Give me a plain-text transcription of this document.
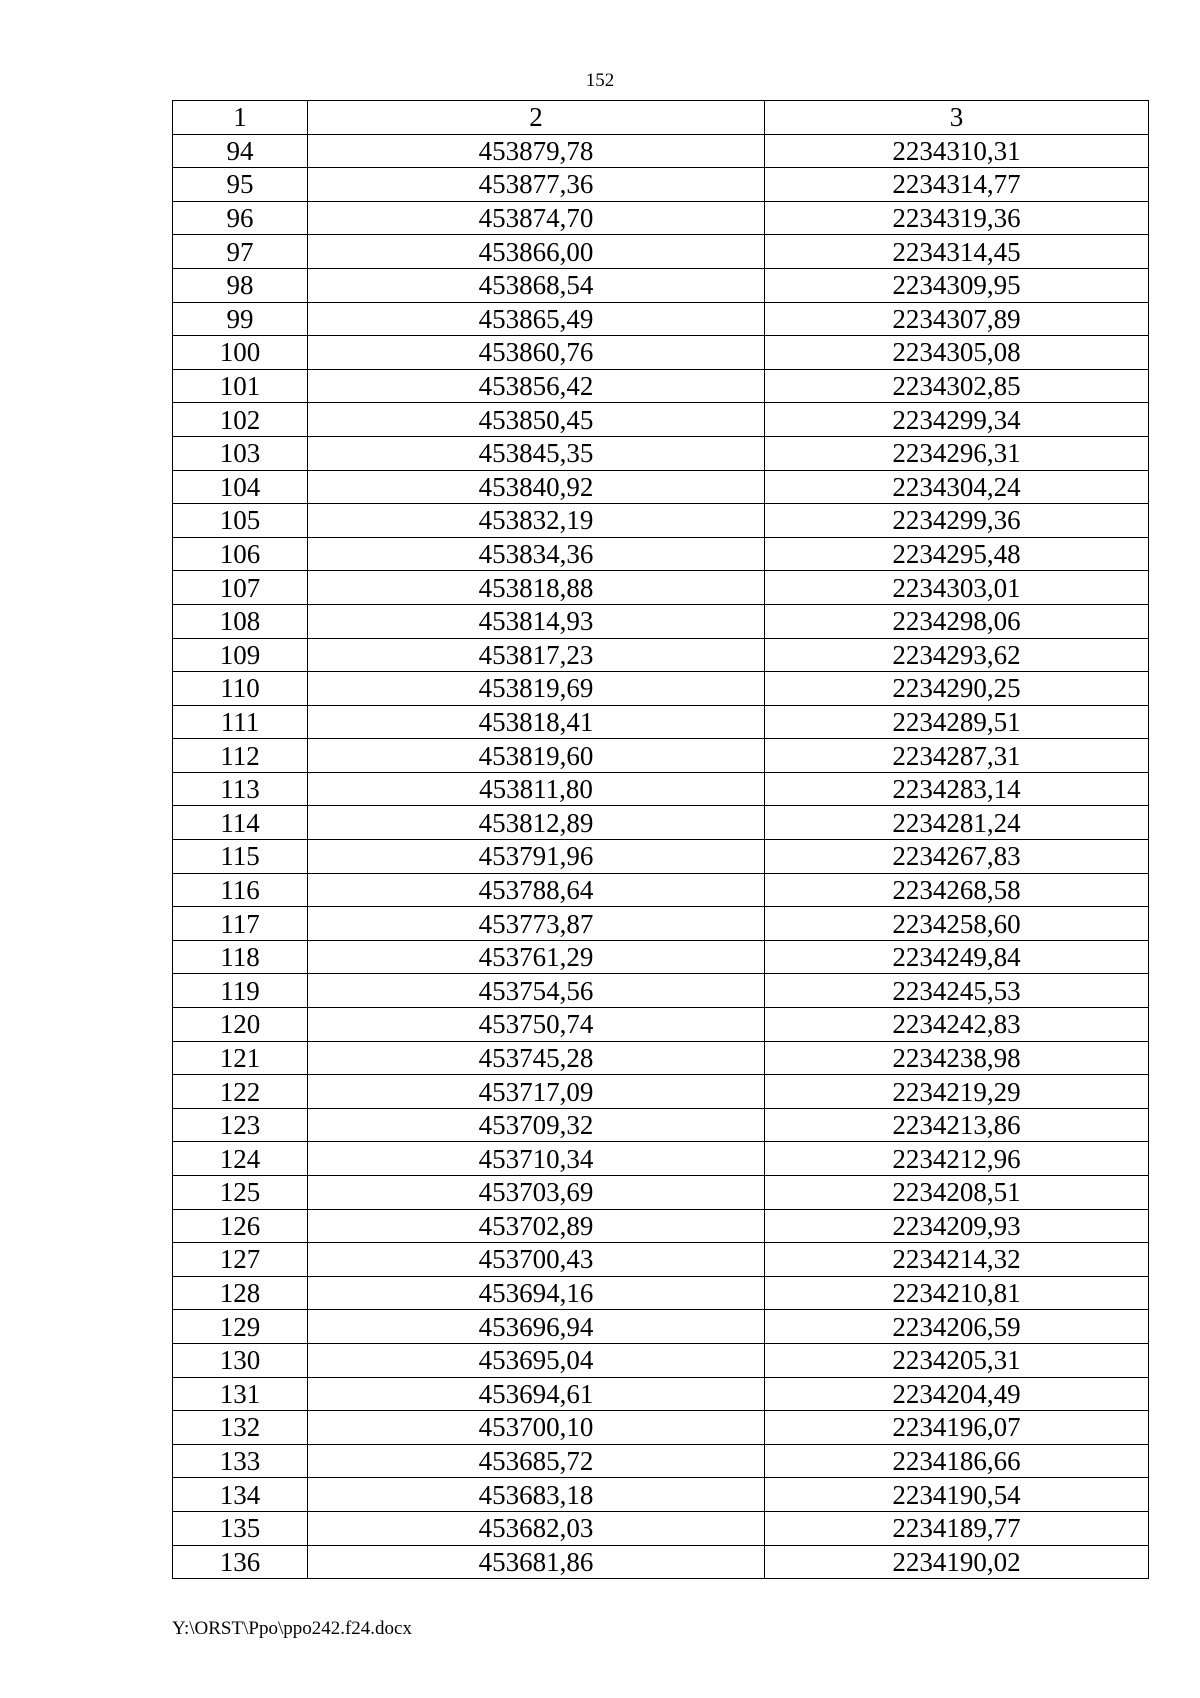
152
1	2	3
94	453879,78	2234310,31
95	453877,36	2234314,77
96	453874,70	2234319,36
97	453866,00	2234314,45
98	453868,54	2234309,95
99	453865,49	2234307,89
100	453860,76	2234305,08
101	453856,42	2234302,85
102	453850,45	2234299,34
103	453845,35	2234296,31
104	453840,92	2234304,24
105	453832,19	2234299,36
106	453834,36	2234295,48
107	453818,88	2234303,01
108	453814,93	2234298,06
109	453817,23	2234293,62
110	453819,69	2234290,25
111	453818,41	2234289,51
112	453819,60	2234287,31
113	453811,80	2234283,14
114	453812,89	2234281,24
115	453791,96	2234267,83
116	453788,64	2234268,58
117	453773,87	2234258,60
118	453761,29	2234249,84
119	453754,56	2234245,53
120	453750,74	2234242,83
121	453745,28	2234238,98
122	453717,09	2234219,29
123	453709,32	2234213,86
124	453710,34	2234212,96
125	453703,69	2234208,51
126	453702,89	2234209,93
127	453700,43	2234214,32
128	453694,16	2234210,81
129	453696,94	2234206,59
130	453695,04	2234205,31
131	453694,61	2234204,49
132	453700,10	2234196,07
133	453685,72	2234186,66
134	453683,18	2234190,54
135	453682,03	2234189,77
136	453681,86	2234190,02
Y:\ORST\Ppo\ppo242.f24.docx
